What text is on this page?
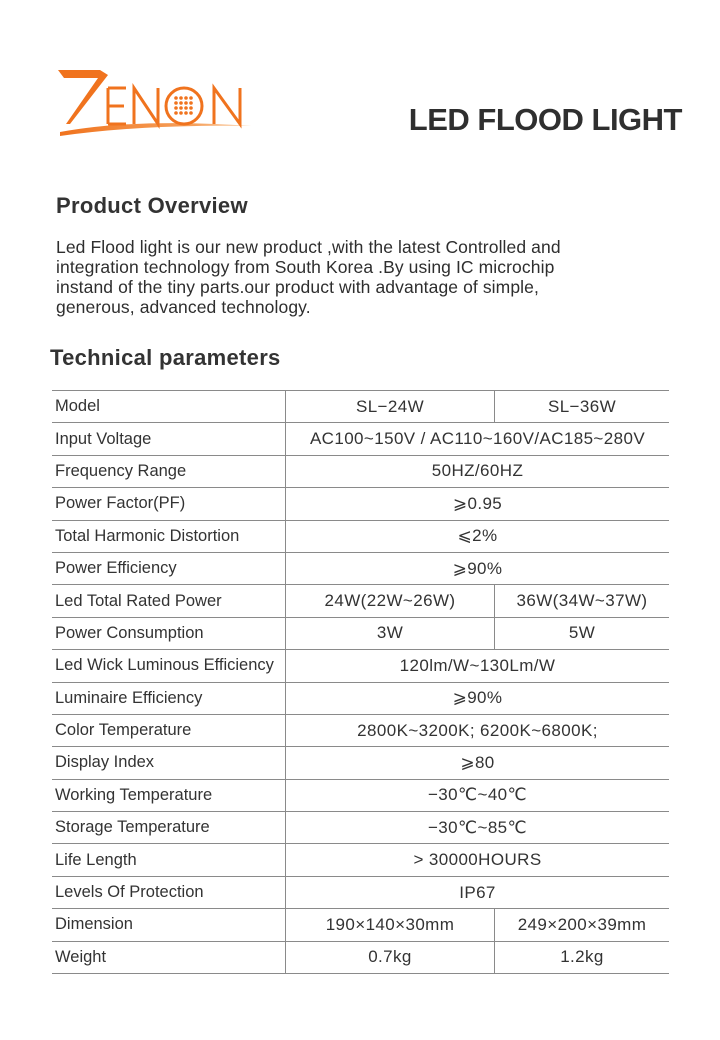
LED FLOOD LIGHT
Product Overview
Led Flood light is our new product ,with the latest Controlled and
integration technology from South Korea .By using IC microchip
instand of the tiny parts.our product with advantage of simple,
generous, advanced technology.
Technical parameters
Model	SL−24W	SL−36W
Input Voltage	AC100~150V / AC110~160V/AC185~280V	
Frequency Range	50HZ/60HZ	
Power Factor(PF)	⩾0.95	
Total Harmonic Distortion	⩽2%	
Power Efficiency	⩾90%	
Led Total Rated Power	24W(22W~26W)	36W(34W~37W)
Power Consumption	3W	5W
Led Wick Luminous Efficiency	120lm/W~130Lm/W	
Luminaire Efficiency	⩾90%	
Color Temperature	2800K~3200K; 6200K~6800K;	
Display Index	⩾80	
Working Temperature	−30℃~40℃	
Storage Temperature	−30℃~85℃	
Life Length	> 30000HOURS	
Levels Of Protection	IP67	
Dimension	190×140×30mm	249×200×39mm
Weight	0.7kg	1.2kg
